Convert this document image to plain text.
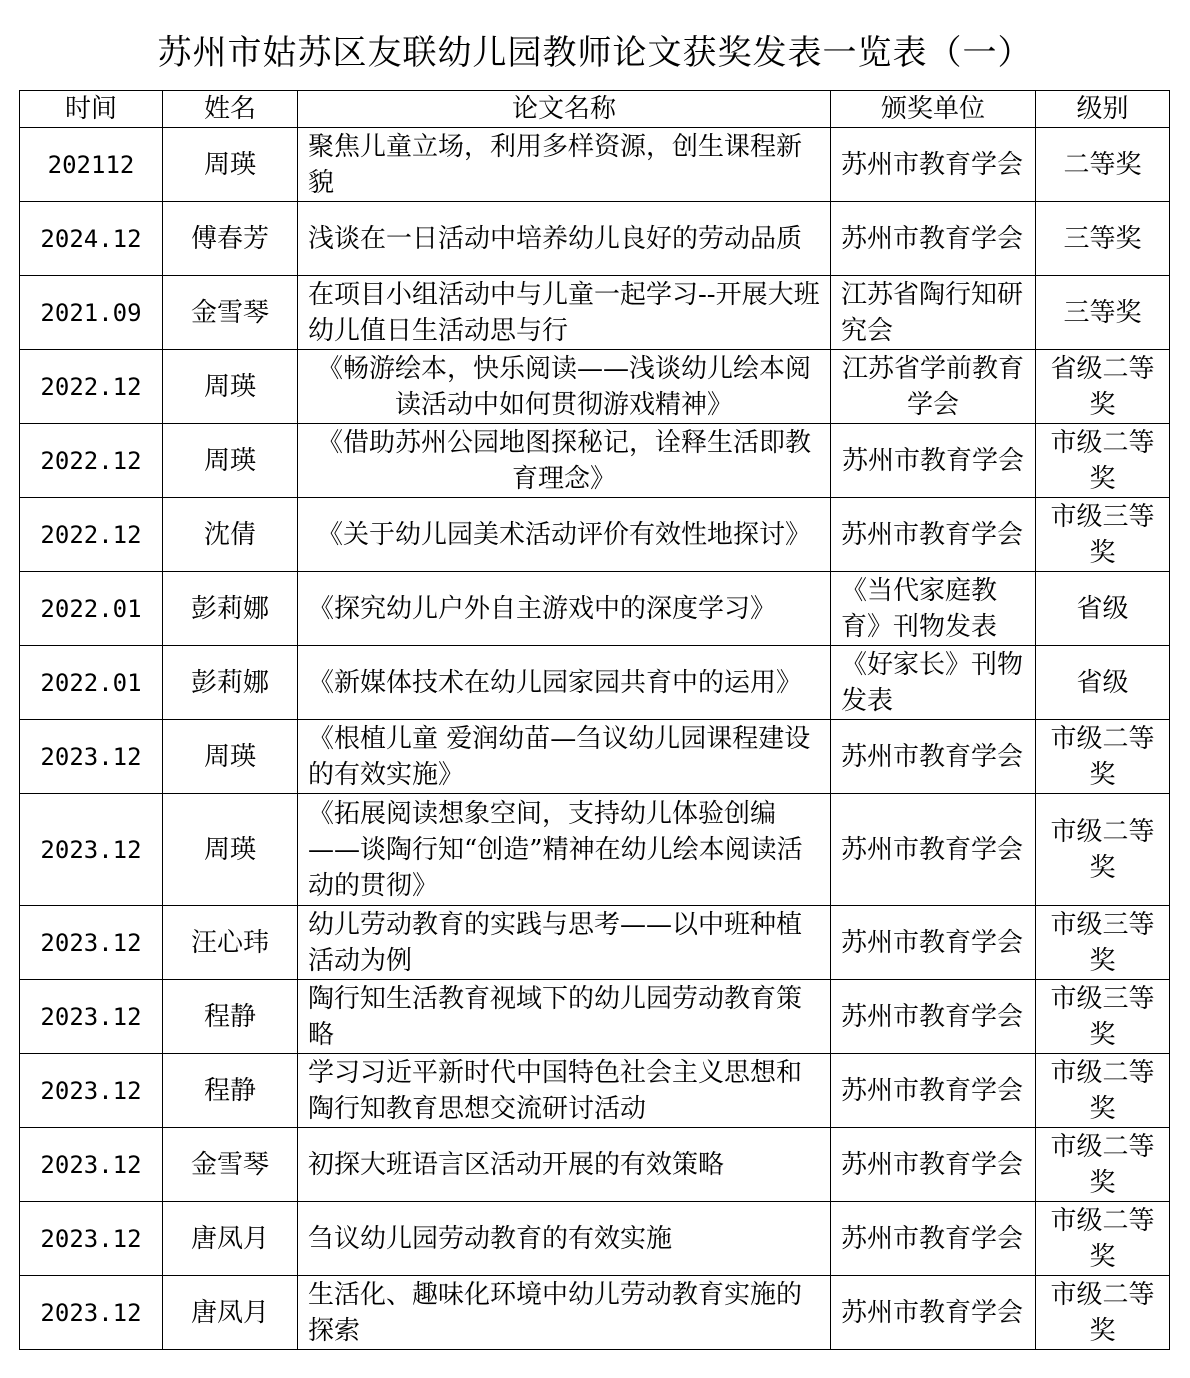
苏州市姑苏区友联幼儿园教师论文获奖发表一览表（一）
时间	姓名	论文名称	颁奖单位	级别
202112	周瑛	聚焦儿童立场，利用多样资源，创生课程新貌	苏州市教育学会	二等奖
2024.12	傅春芳	浅谈在一日活动中培养幼儿良好的劳动品质	苏州市教育学会	三等奖
2021.09	金雪琴	在项目小组活动中与儿童一起学习--开展大班幼儿值日生活动思与行	江苏省陶行知研究会	三等奖
2022.12	周瑛	《畅游绘本，快乐阅读——浅谈幼儿绘本阅读活动中如何贯彻游戏精神》	江苏省学前教育学会	省级二等奖
2022.12	周瑛	《借助苏州公园地图探秘记，诠释生活即教育理念》	苏州市教育学会	市级二等奖
2022.12	沈倩	《关于幼儿园美术活动评价有效性地探讨》	苏州市教育学会	市级三等奖
2022.01	彭莉娜	《探究幼儿户外自主游戏中的深度学习》	《当代家庭教育》刊物发表	省级
2022.01	彭莉娜	《新媒体技术在幼儿园家园共育中的运用》	《好家长》刊物发表	省级
2023.12	周瑛	《根植儿童 爱润幼苗—刍议幼儿园课程建设的有效实施》	苏州市教育学会	市级二等奖
2023.12	周瑛	《拓展阅读想象空间，支持幼儿体验创编——谈陶行知“创造”精神在幼儿绘本阅读活动的贯彻》	苏州市教育学会	市级二等奖
2023.12	汪心玮	幼儿劳动教育的实践与思考——以中班种植活动为例	苏州市教育学会	市级三等奖
2023.12	程静	陶行知生活教育视域下的幼儿园劳动教育策略	苏州市教育学会	市级三等奖
2023.12	程静	学习习近平新时代中国特色社会主义思想和陶行知教育思想交流研讨活动	苏州市教育学会	市级二等奖
2023.12	金雪琴	初探大班语言区活动开展的有效策略	苏州市教育学会	市级二等奖
2023.12	唐凤月	刍议幼儿园劳动教育的有效实施	苏州市教育学会	市级二等奖
2023.12	唐凤月	生活化、趣味化环境中幼儿劳动教育实施的探索	苏州市教育学会	市级二等奖
